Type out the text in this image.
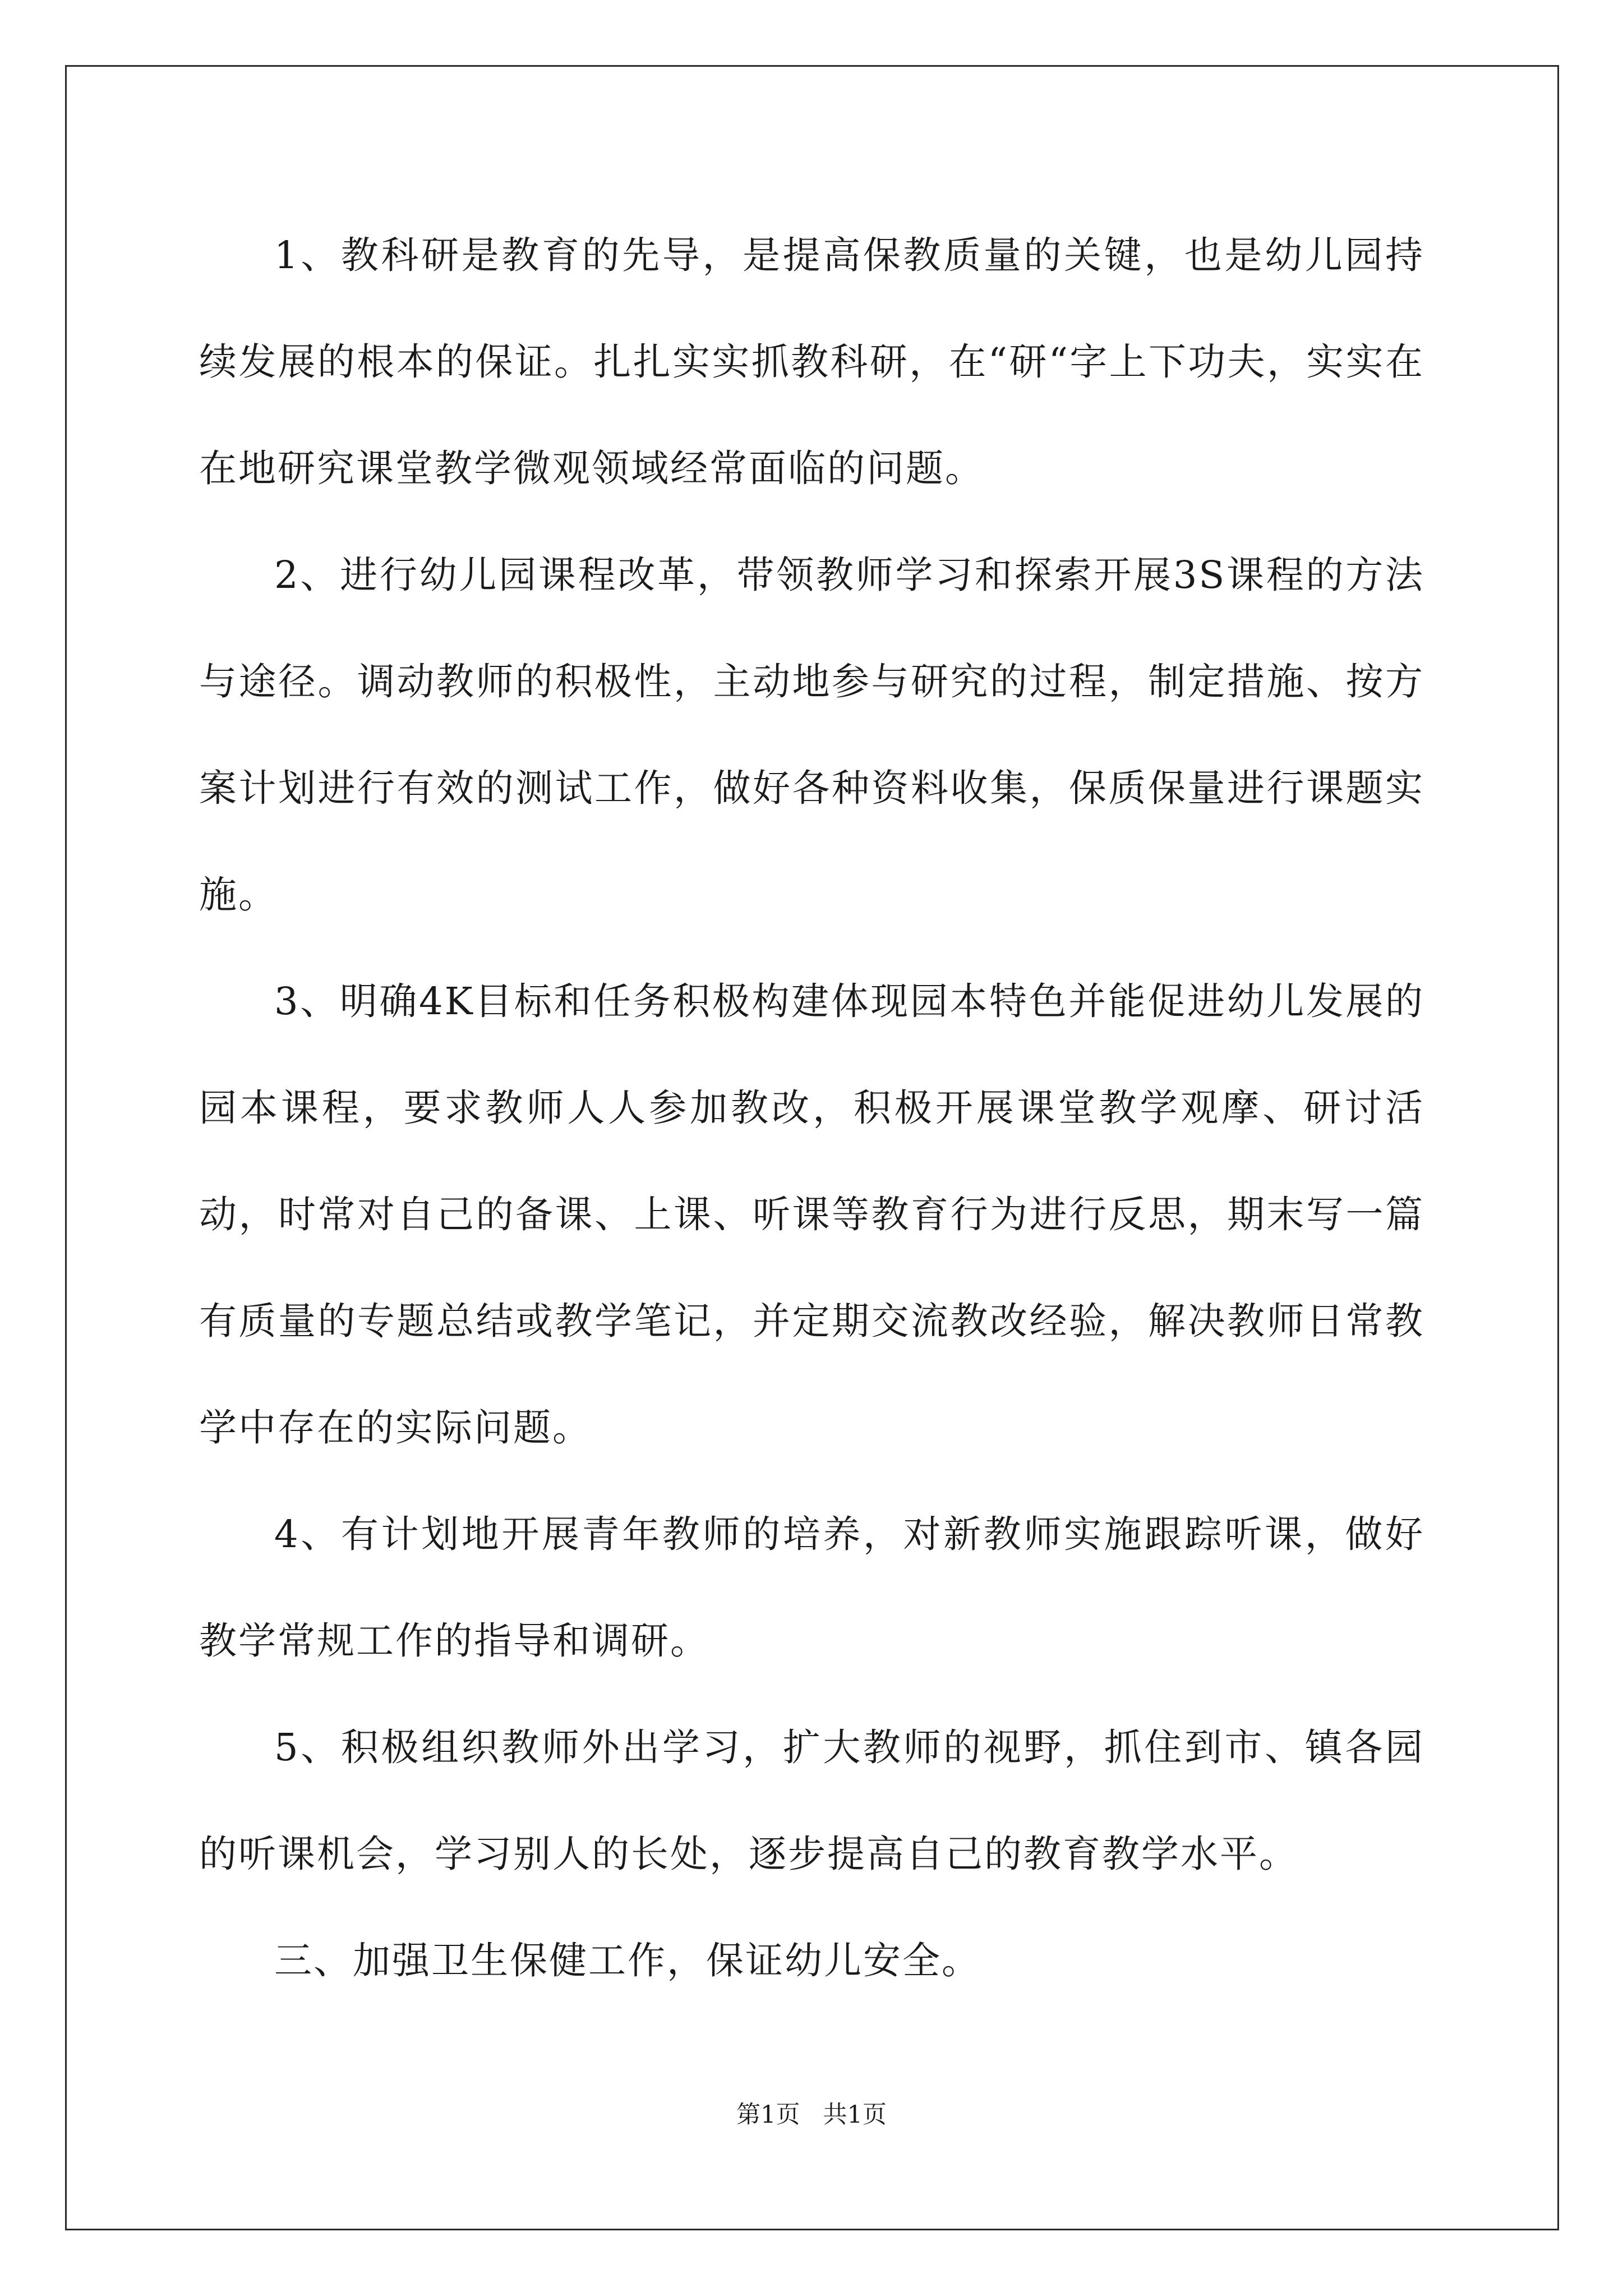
1、教科研是教育的先导，是提高保教质量的关键，也是幼儿园持续发展的根本的保证。扎扎实实抓教科研，在“研“字上下功夫，实实在在地研究课堂教学微观领域经常面临的问题。

2、进行幼儿园课程改革，带领教师学习和探索开展3S课程的方法与途径。调动教师的积极性，主动地参与研究的过程，制定措施、按方案计划进行有效的测试工作，做好各种资料收集，保质保量进行课题实施。

3、明确4K目标和任务积极构建体现园本特色并能促进幼儿发展的园本课程，要求教师人人参加教改，积极开展课堂教学观摩、研讨活动，时常对自己的备课、上课、听课等教育行为进行反思，期末写一篇有质量的专题总结或教学笔记，并定期交流教改经验，解决教师日常教学中存在的实际问题。

4、有计划地开展青年教师的培养，对新教师实施跟踪听课，做好教学常规工作的指导和调研。

5、积极组织教师外出学习，扩大教师的视野，抓住到市、镇各园的听课机会，学习别人的长处，逐步提高自己的教育教学水平。

三、加强卫生保健工作，保证幼儿安全。

第1页   共1页
